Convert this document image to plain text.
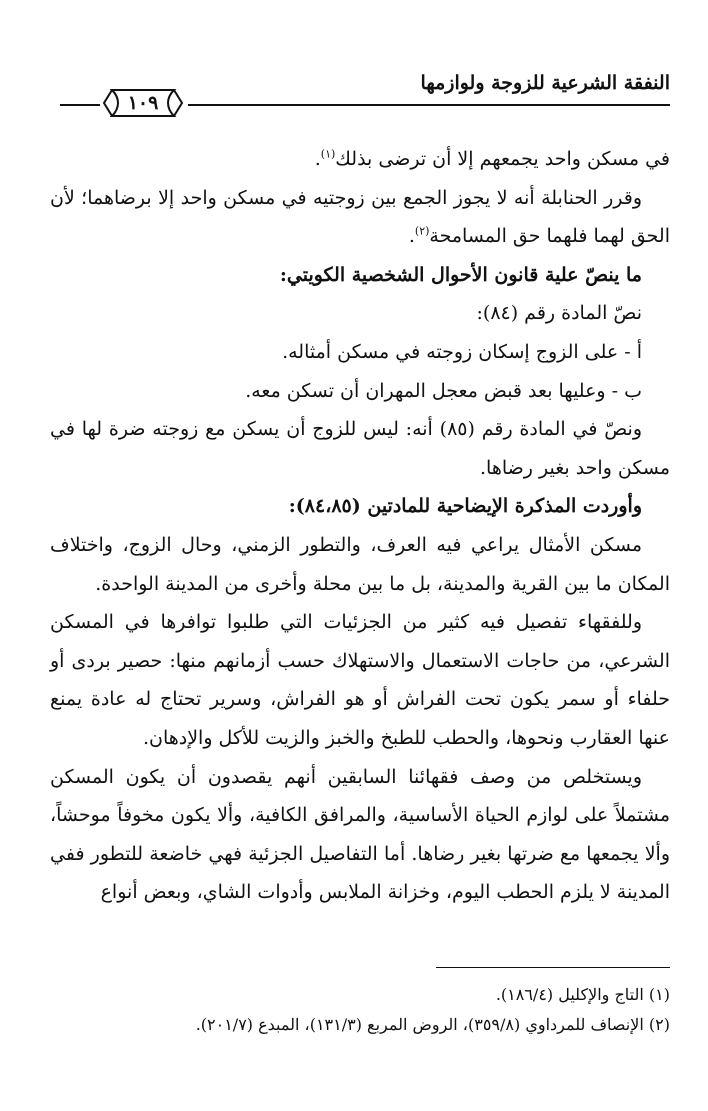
النفقة الشرعية للزوجة ولوازمها
١٠٩

في مسكن واحد يجمعهم إلا أن ترضى بذلك$^{(١)}$.

وقرر الحنابلة أنه لا يجوز الجمع بين زوجتيه في مسكن واحد إلا برضاهما؛ لأن الحق لهما فلهما حق المسامحة$^{(٢)}$.

ما ينصّ علية قانون الأحوال الشخصية الكويتي:

نصّ المادة رقم (٨٤):

أ - على الزوج إسكان زوجته في مسكن أمثاله.

ب - وعليها بعد قبض معجل المهران أن تسكن معه.

ونصّ في المادة رقم (٨٥) أنه: ليس للزوج أن يسكن مع زوجته ضرة لها في مسكن واحد بغير رضاها.

وأوردت المذكرة الإيضاحية للمادتين (٨٤،٨٥):

مسكن الأمثال يراعي فيه العرف، والتطور الزمني، وحال الزوج، واختلاف المكان ما بين القرية والمدينة، بل ما بين محلة وأخرى من المدينة الواحدة.

وللفقهاء تفصيل فيه كثير من الجزئيات التي طلبوا توافرها في المسكن الشرعي، من حاجات الاستعمال والاستهلاك حسب أزمانهم منها: حصير بردى أو حلفاء أو سمر يكون تحت الفراش أو هو الفراش، وسرير تحتاج له عادة يمنع عنها العقارب ونحوها، والحطب للطبخ والخبز والزيت للأكل والإدهان.

ويستخلص من وصف فقهائنا السابقين أنهم يقصدون أن يكون المسكن مشتملاً على لوازم الحياة الأساسية، والمرافق الكافية، وألا يكون مخوفاً موحشاً، وألا يجمعها مع ضرتها بغير رضاها. أما التفاصيل الجزئية فهي خاضعة للتطور ففي المدينة لا يلزم الحطب اليوم، وخزانة الملابس وأدوات الشاي، وبعض أنواع

(١) التاج والإكليل (١٨٦/٤).

(٢) الإنصاف للمرداوي (٣٥٩/٨)، الروض المربع (١٣١/٣)، المبدع (٢٠١/٧).
